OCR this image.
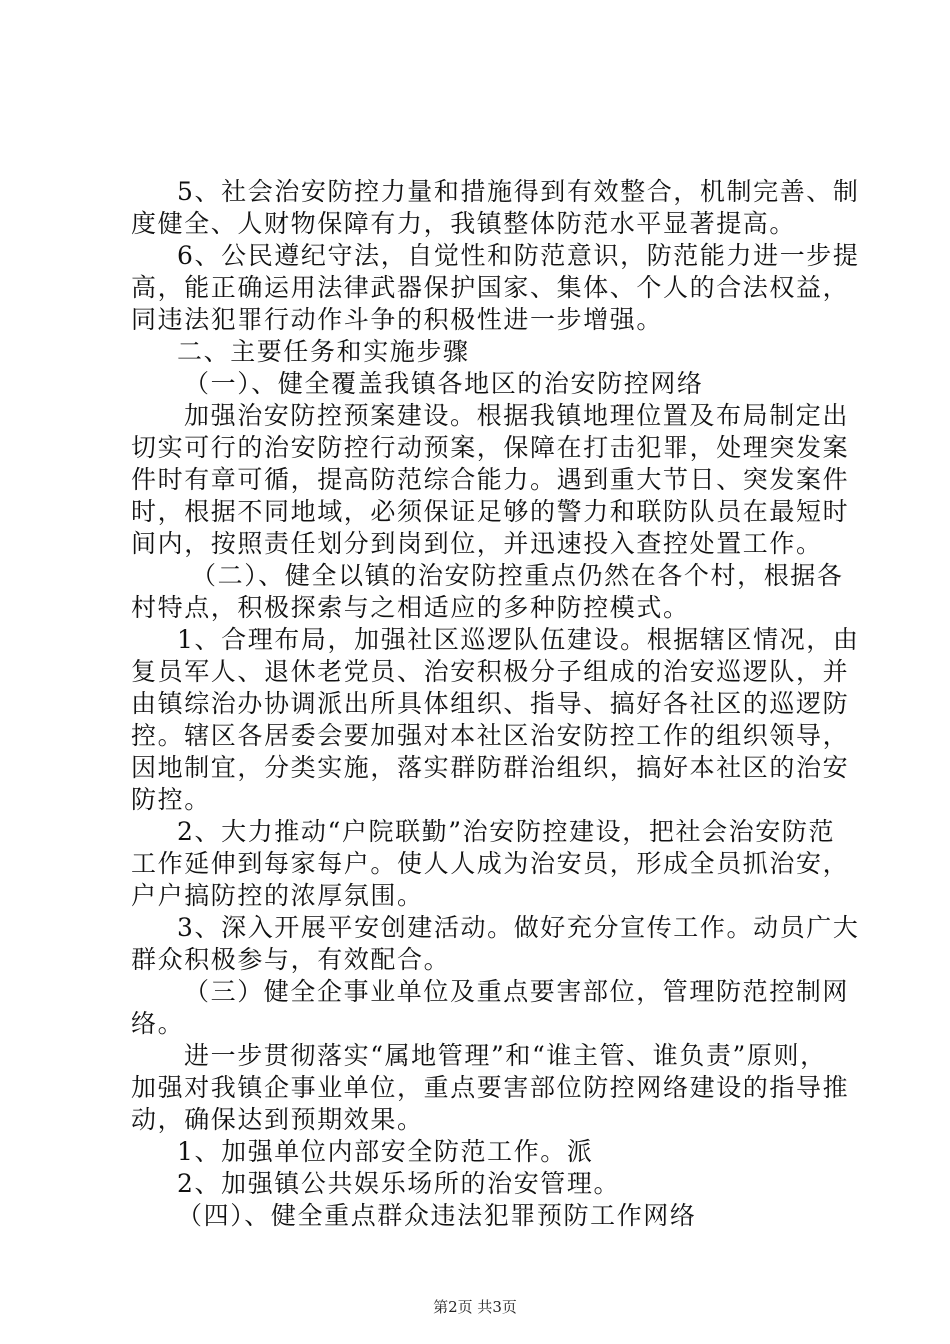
5、社会治安防控力量和措施得到有效整合，机制完善、制
度健全、人财物保障有力，我镇整体防范水平显著提高。
6、公民遵纪守法，自觉性和防范意识，防范能力进一步提
高，能正确运用法律武器保护国家、集体、个人的合法权益，
同违法犯罪行动作斗争的积极性进一步增强。
二、主要任务和实施步骤
（一）、健全覆盖我镇各地区的治安防控网络
加强治安防控预案建设。根据我镇地理位置及布局制定出
切实可行的治安防控行动预案，保障在打击犯罪，处理突发案
件时有章可循，提高防范综合能力。遇到重大节日、突发案件
时，根据不同地域，必须保证足够的警力和联防队员在最短时
间内，按照责任划分到岗到位，并迅速投入查控处置工作。
（二）、健全以镇的治安防控重点仍然在各个村，根据各
村特点，积极探索与之相适应的多种防控模式。
1、合理布局，加强社区巡逻队伍建设。根据辖区情况，由
复员军人、退休老党员、治安积极分子组成的治安巡逻队，并
由镇综治办协调派出所具体组织、指导、搞好各社区的巡逻防
控。辖区各居委会要加强对本社区治安防控工作的组织领导，
因地制宜，分类实施，落实群防群治组织，搞好本社区的治安
防控。
2、大力推动“户院联勤”治安防控建设，把社会治安防范
工作延伸到每家每户。使人人成为治安员，形成全员抓治安，
户户搞防控的浓厚氛围。
3、深入开展平安创建活动。做好充分宣传工作。动员广大
群众积极参与，有效配合。
（三）健全企事业单位及重点要害部位，管理防范控制网
络。
进一步贯彻落实“属地管理”和“谁主管、谁负责”原则，
加强对我镇企事业单位，重点要害部位防控网络建设的指导推
动，确保达到预期效果。
1、加强单位内部安全防范工作。派
2、加强镇公共娱乐场所的治安管理。
（四）、健全重点群众违法犯罪预防工作网络
第2页 共3页
